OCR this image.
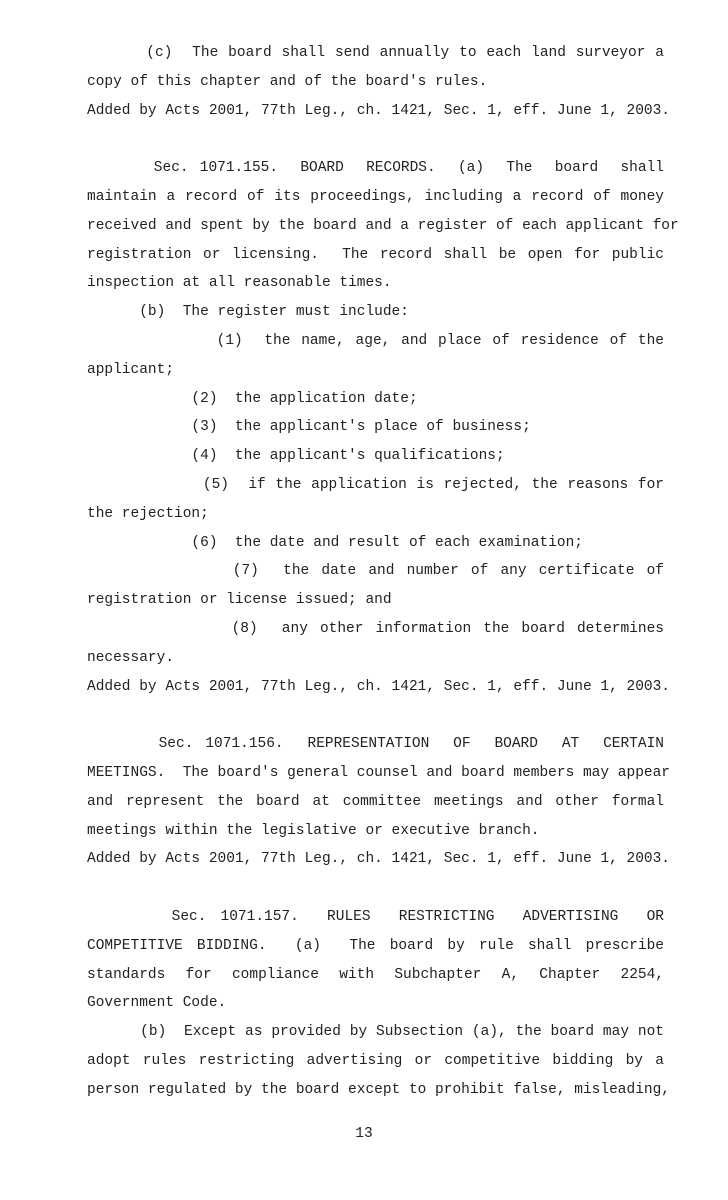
(c)  The board shall send annually to each land surveyor a
copy of this chapter and of the board's rules.
Added by Acts 2001, 77th Leg., ch. 1421, Sec. 1, eff. June 1, 2003.
Sec. 1071.155.  BOARD  RECORDS.  (a)  The  board  shall
maintain a record of its proceedings, including a record of money
received and spent by the board and a register of each applicant for
registration or licensing.  The record shall be open for public
inspection at all reasonable times.
(b)  The register must include:
(1)  the name, age, and place of residence of the
applicant;
(2)  the application date;
(3)  the applicant's place of business;
(4)  the applicant's qualifications;
(5)  if the application is rejected, the reasons for
the rejection;
(6)  the date and result of each examination;
(7)  the date and number of any certificate of
registration or license issued; and
(8)  any other information the board determines
necessary.
Added by Acts 2001, 77th Leg., ch. 1421, Sec. 1, eff. June 1, 2003.
Sec. 1071.156.  REPRESENTATION  OF  BOARD  AT  CERTAIN
MEETINGS.  The board's general counsel and board members may appear
and represent the board at committee meetings and other formal
meetings within the legislative or executive branch.
Added by Acts 2001, 77th Leg., ch. 1421, Sec. 1, eff. June 1, 2003.
Sec. 1071.157.  RULES  RESTRICTING  ADVERTISING  OR
COMPETITIVE BIDDING.  (a)  The board by rule shall prescribe
standards for compliance with Subchapter A, Chapter 2254,
Government Code.
(b)  Except as provided by Subsection (a), the board may not
adopt rules restricting advertising or competitive bidding by a
person regulated by the board except to prohibit false, misleading,
13
